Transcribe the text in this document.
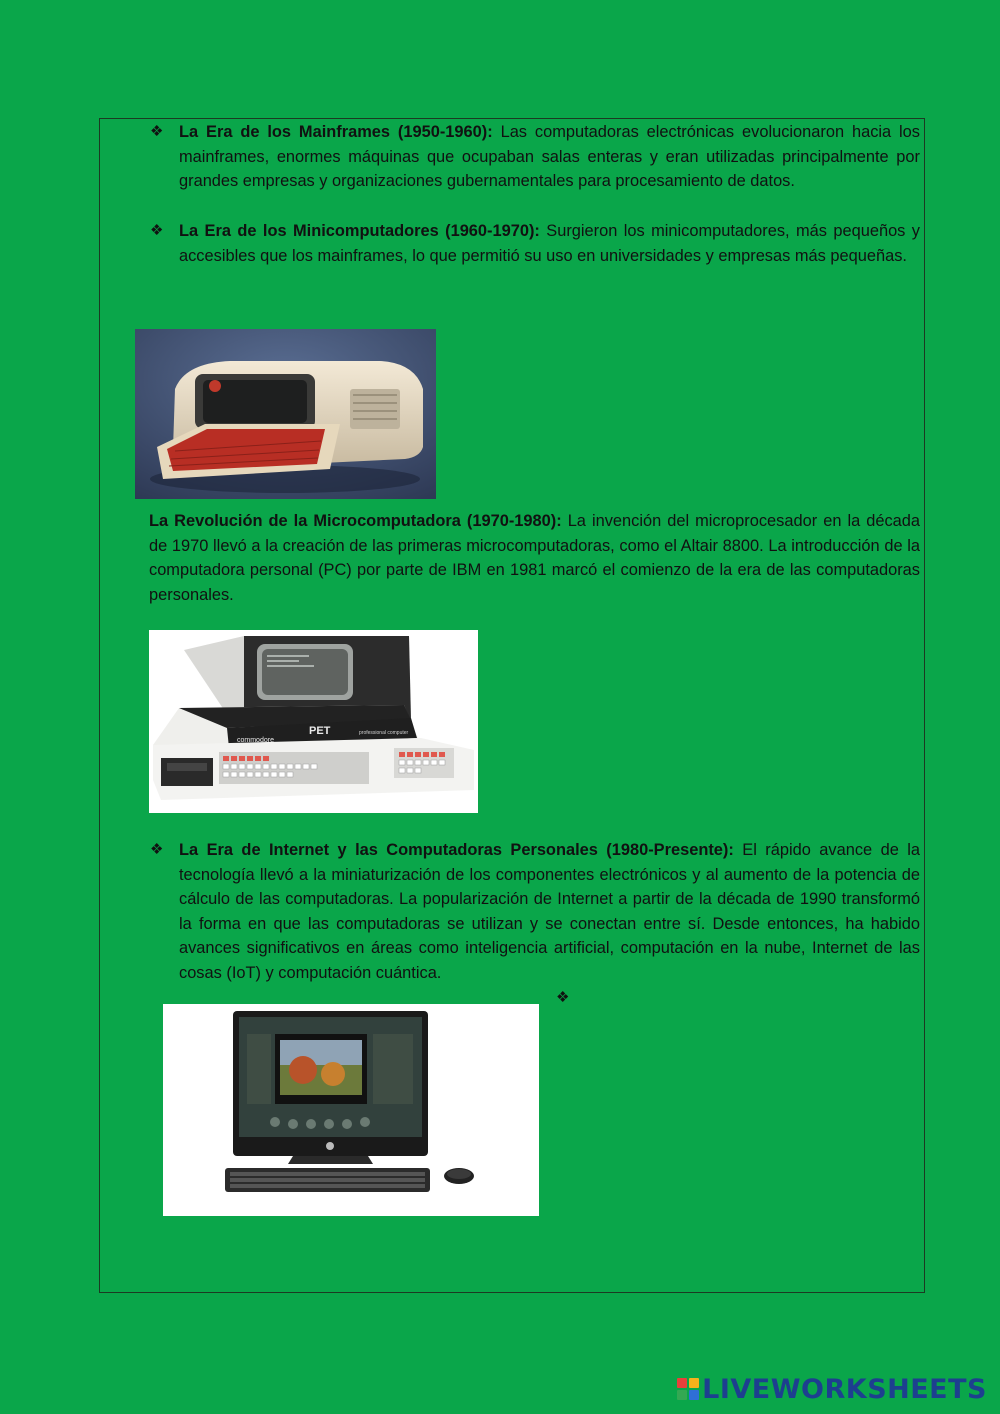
❖ La Era de los Mainframes (1950-1960): Las computadoras electrónicas evolucionaron hacia los mainframes, enormes máquinas que ocupaban salas enteras y eran utilizadas principalmente por grandes empresas y organizaciones gubernamentales para procesamiento de datos.
❖ La Era de los Minicomputadores (1960-1970): Surgieron los minicomputadores, más pequeños y accesibles que los mainframes, lo que permitió su uso en universidades y empresas más pequeñas.
La Revolución de la Microcomputadora (1970-1980): La invención del microprocesador en la década de 1970 llevó a la creación de las primeras microcomputadoras, como el Altair 8800. La introducción de la computadora personal (PC) por parte de IBM en 1981 marcó el comienzo de la era de las computadoras personales.
commodore
PET	professional computer
❖ La Era de Internet y las Computadoras Personales (1980-Presente): El rápido avance de la tecnología llevó a la miniaturización de los componentes electrónicos y al aumento de la potencia de cálculo de las computadoras. La popularización de Internet a partir de la década de 1990 transformó la forma en que las computadoras se utilizan y se conectan entre sí. Desde entonces, ha habido avances significativos en áreas como inteligencia artificial, computación en la nube, Internet de las cosas (IoT) y computación cuántica.
❖
LIVEWORKSHEETS
